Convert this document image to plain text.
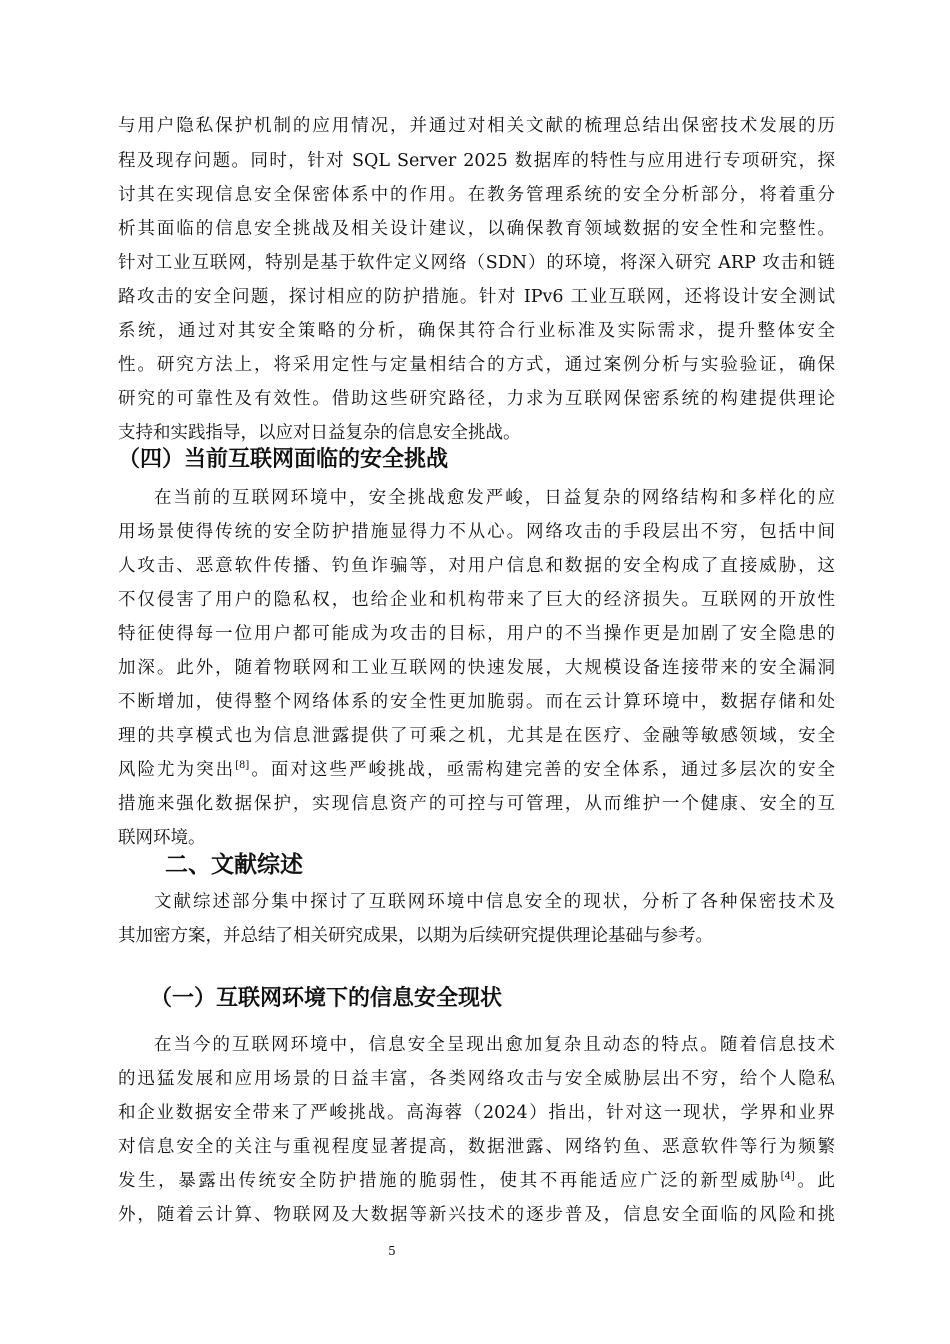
与用户隐私保护机制的应用情况，并通过对相关文献的梳理总结出保密技术发展的历
程及现存问题。同时，针对 SQL Server 2025 数据库的特性与应用进行专项研究，探
讨其在实现信息安全保密体系中的作用。在教务管理系统的安全分析部分，将着重分
析其面临的信息安全挑战及相关设计建议，以确保教育领域数据的安全性和完整性。
针对工业互联网，特别是基于软件定义网络（SDN）的环境，将深入研究 ARP 攻击和链
路攻击的安全问题，探讨相应的防护措施。针对 IPv6 工业互联网，还将设计安全测试
系统，通过对其安全策略的分析，确保其符合行业标准及实际需求，提升整体安全
性。研究方法上，将采用定性与定量相结合的方式，通过案例分析与实验验证，确保
研究的可靠性及有效性。借助这些研究路径，力求为互联网保密系统的构建提供理论
支持和实践指导，以应对日益复杂的信息安全挑战。
（四）当前互联网面临的安全挑战
在当前的互联网环境中，安全挑战愈发严峻，日益复杂的网络结构和多样化的应
用场景使得传统的安全防护措施显得力不从心。网络攻击的手段层出不穷，包括中间
人攻击、恶意软件传播、钓鱼诈骗等，对用户信息和数据的安全构成了直接威胁，这
不仅侵害了用户的隐私权，也给企业和机构带来了巨大的经济损失。互联网的开放性
特征使得每一位用户都可能成为攻击的目标，用户的不当操作更是加剧了安全隐患的
加深。此外，随着物联网和工业互联网的快速发展，大规模设备连接带来的安全漏洞
不断增加，使得整个网络体系的安全性更加脆弱。而在云计算环境中，数据存储和处
理的共享模式也为信息泄露提供了可乘之机，尤其是在医疗、金融等敏感领域，安全
风险尤为突出[8]。面对这些严峻挑战，亟需构建完善的安全体系，通过多层次的安全
措施来强化数据保护，实现信息资产的可控与可管理，从而维护一个健康、安全的互
联网环境。
二、文献综述
文献综述部分集中探讨了互联网环境中信息安全的现状，分析了各种保密技术及
其加密方案，并总结了相关研究成果，以期为后续研究提供理论基础与参考。
（一）互联网环境下的信息安全现状
在当今的互联网环境中，信息安全呈现出愈加复杂且动态的特点。随着信息技术
的迅猛发展和应用场景的日益丰富，各类网络攻击与安全威胁层出不穷，给个人隐私
和企业数据安全带来了严峻挑战。高海蓉（2024）指出，针对这一现状，学界和业界
对信息安全的关注与重视程度显著提高，数据泄露、网络钓鱼、恶意软件等行为频繁
发生，暴露出传统安全防护措施的脆弱性，使其不再能适应广泛的新型威胁[4]。此
外，随着云计算、物联网及大数据等新兴技术的逐步普及，信息安全面临的风险和挑
5
